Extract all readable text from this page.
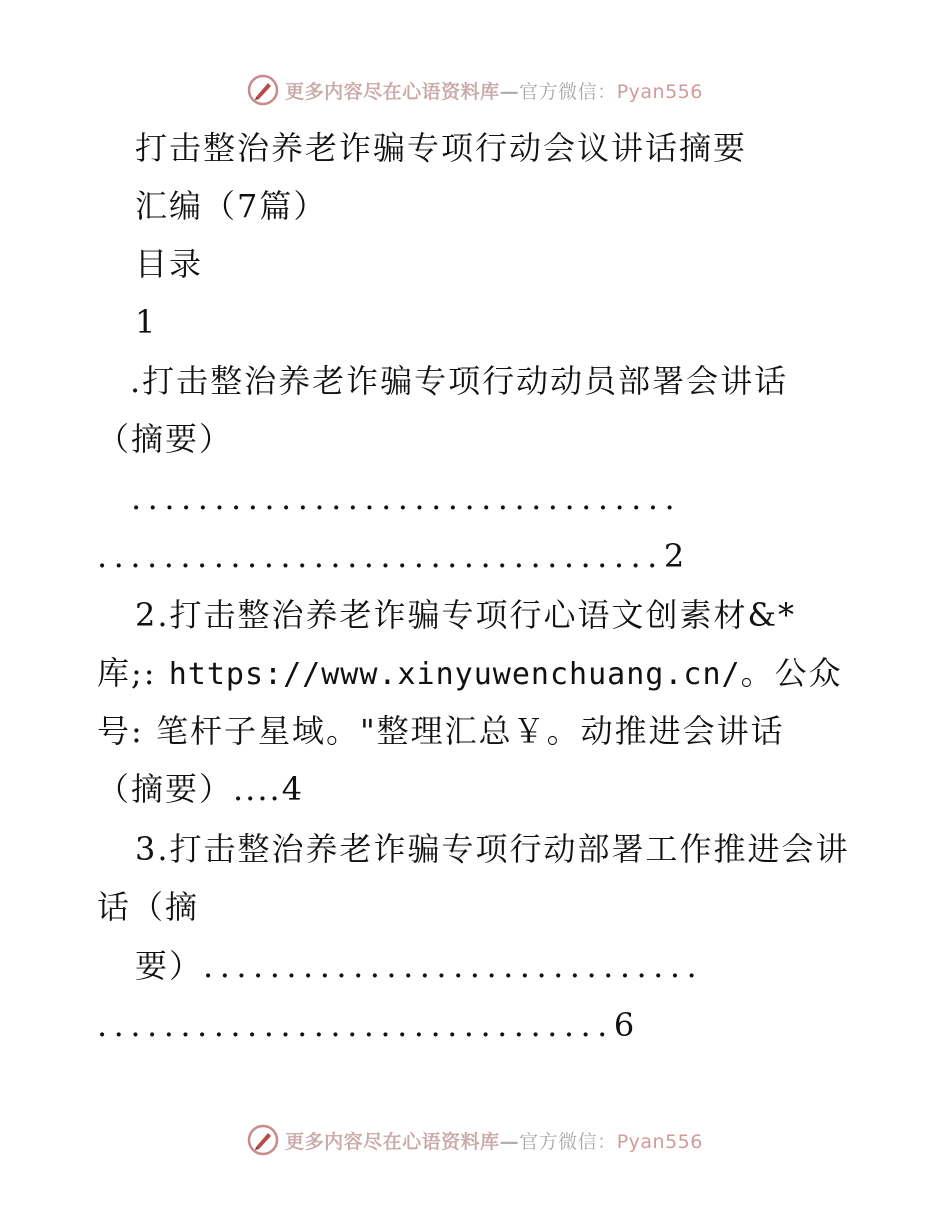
更多内容尽在心语资料库—官方微信：Pyan556
打击整治养老诈骗专项行动会议讲话摘要
汇编（7篇）
目录
1
.打击整治养老诈骗专项行动动员部署会讲话
（摘要）
.................................
..................................2
2.打击整治养老诈骗专项行心语文创素材&*
库;: https://www.xinyuwenchuang.cn/。公众
号: 笔杆子星域。"整理汇总￥。动推进会讲话
（摘要）....4
3.打击整治养老诈骗专项行动部署工作推进会讲
话（摘
要）..............................
...............................6
更多内容尽在心语资料库—官方微信：Pyan556
